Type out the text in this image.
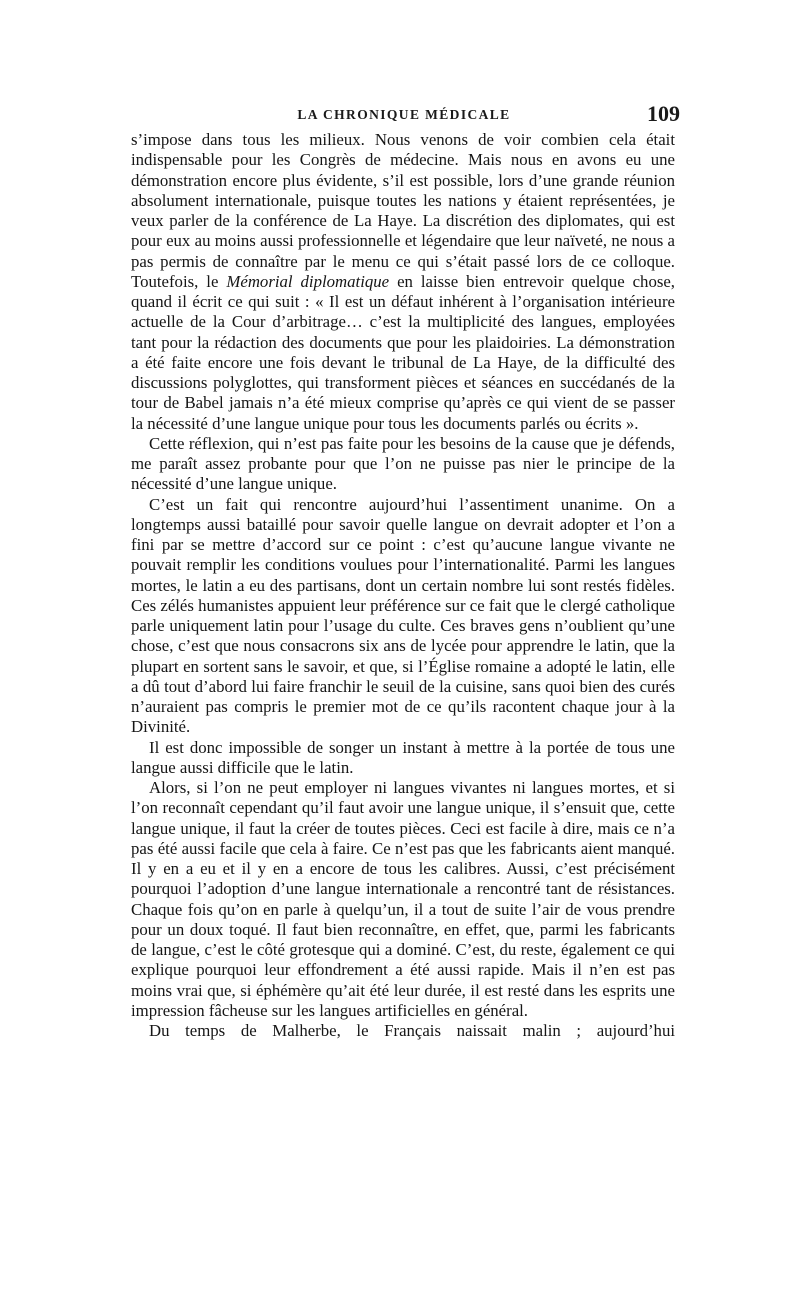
LA CHRONIQUE MÉDICALE	109

s’impose dans tous les milieux. Nous venons de voir combien cela était indispensable pour les Congrès de médecine. Mais nous en avons eu une démonstration encore plus évidente, s’il est possible, lors d’une grande réunion absolument internationale, puisque toutes les nations y étaient représentées, je veux parler de la conférence de La Haye. La discrétion des diplomates, qui est pour eux au moins aussi professionnelle et légendaire que leur naïveté, ne nous a pas permis de connaître par le menu ce qui s’était passé lors de ce colloque. Toutefois, le Mémorial diplomatique en laisse bien entrevoir quelque chose, quand il écrit ce qui suit : « Il est un défaut inhérent à l’organisation intérieure actuelle de la Cour d’arbitrage… c’est la multiplicité des langues, employées tant pour la rédaction des documents que pour les plaidoiries. La démonstration a été faite encore une fois devant le tribunal de La Haye, de la difficulté des discussions polyglottes, qui transforment pièces et séances en succédanés de la tour de Babel jamais n’a été mieux comprise qu’après ce qui vient de se passer la nécessité d’une langue unique pour tous les documents parlés ou écrits ».

Cette réflexion, qui n’est pas faite pour les besoins de la cause que je défends, me paraît assez probante pour que l’on ne puisse pas nier le principe de la nécessité d’une langue unique.

C’est un fait qui rencontre aujourd’hui l’assentiment unanime. On a longtemps aussi bataillé pour savoir quelle langue on devrait adopter et l’on a fini par se mettre d’accord sur ce point : c’est qu’aucune langue vivante ne pouvait remplir les conditions voulues pour l’internationalité. Parmi les langues mortes, le latin a eu des partisans, dont un certain nombre lui sont restés fidèles. Ces zélés humanistes appuient leur préférence sur ce fait que le clergé catholique parle uniquement latin pour l’usage du culte. Ces braves gens n’oublient qu’une chose, c’est que nous consacrons six ans de lycée pour apprendre le latin, que la plupart en sortent sans le savoir, et que, si l’Église romaine a adopté le latin, elle a dû tout d’abord lui faire franchir le seuil de la cuisine, sans quoi bien des curés n’auraient pas compris le premier mot de ce qu’ils racontent chaque jour à la Divinité.

Il est donc impossible de songer un instant à mettre à la portée de tous une langue aussi difficile que le latin.

Alors, si l’on ne peut employer ni langues vivantes ni langues mortes, et si l’on reconnaît cependant qu’il faut avoir une langue unique, il s’ensuit que, cette langue unique, il faut la créer de toutes pièces. Ceci est facile à dire, mais ce n’a pas été aussi facile que cela à faire. Ce n’est pas que les fabricants aient manqué. Il y en a eu et il y en a encore de tous les calibres. Aussi, c’est précisément pourquoi l’adoption d’une langue internationale a rencontré tant de résistances. Chaque fois qu’on en parle à quelqu’un, il a tout de suite l’air de vous prendre pour un doux toqué. Il faut bien reconnaître, en effet, que, parmi les fabricants de langue, c’est le côté grotesque qui a dominé. C’est, du reste, également ce qui explique pourquoi leur effondrement a été aussi rapide. Mais il n’en est pas moins vrai que, si éphémère qu’ait été leur durée, il est resté dans les esprits une impression fâcheuse sur les langues artificielles en général.

Du temps de Malherbe, le Français naissait malin ; aujourd’hui
